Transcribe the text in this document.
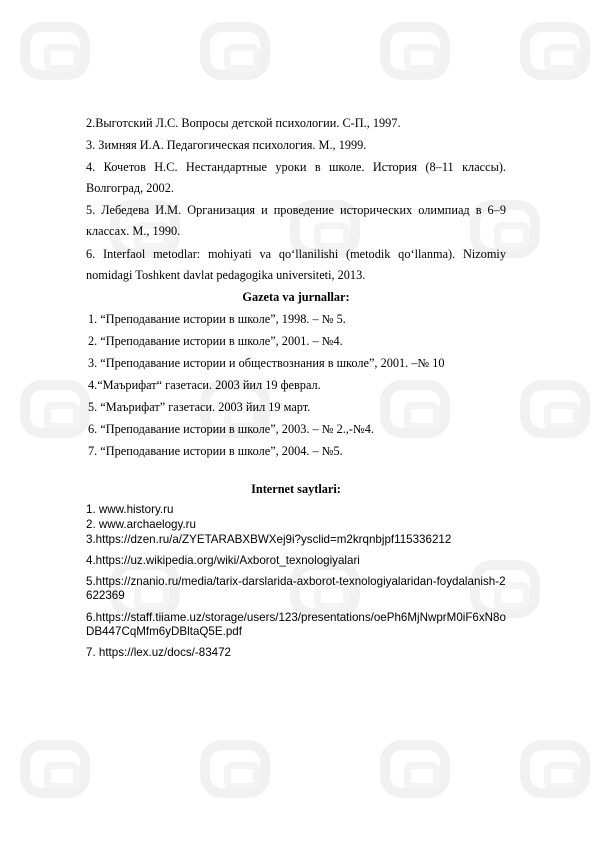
2.Выготский Л.С. Вопросы детской психологии. С-П., 1997.
3. Зимняя И.А. Педагогическая психология. М., 1999.
4. Кочетов Н.С. Нестандартные уроки в школе. История (8–11 классы). Волгоград, 2002.
5. Лебедева И.М. Организация и проведение исторических олимпиад в 6–9 классах. М., 1990.
6. Interfaol metodlar: mohiyati va qo‘llanilishi (metodik qo‘llanma). Nizomiy nomidagi Toshkent davlat pedagogika universiteti, 2013.
Gazeta va jurnallar:
1. “Преподавание истории в школе”, 1998. – № 5.
2. “Преподавание истории в школе”, 2001. – №4.
3. “Преподавание истории и обществознания в школе”, 2001. –№ 10
4.“Маърифат“ газетаси. 2003 йил 19 феврал.
5. “Маърифат” газетаси. 2003 йил 19 март.
6. “Преподавание истории в школе”, 2003. – № 2.,-№4.
7. “Преподавание истории в школе”, 2004. – №5.
Internet saytlari:
1. www.history.ru
2. www.archaelogy.ru
3.https://dzen.ru/a/ZYETARABXBWXej9i?ysclid=m2krqnbjpf115336212
4.https://uz.wikipedia.org/wiki/Axborot_texnologiyalari
5.https://znanio.ru/media/tarix-darslarida-axborot-texnologiyalaridan-foydalanish-2622369
6.https://staff.tiiame.uz/storage/users/123/presentations/oePh6MjNwprM0iF6xN8oDB447CqMfm6yDBltaQ5E.pdf
7. https://lex.uz/docs/-83472
